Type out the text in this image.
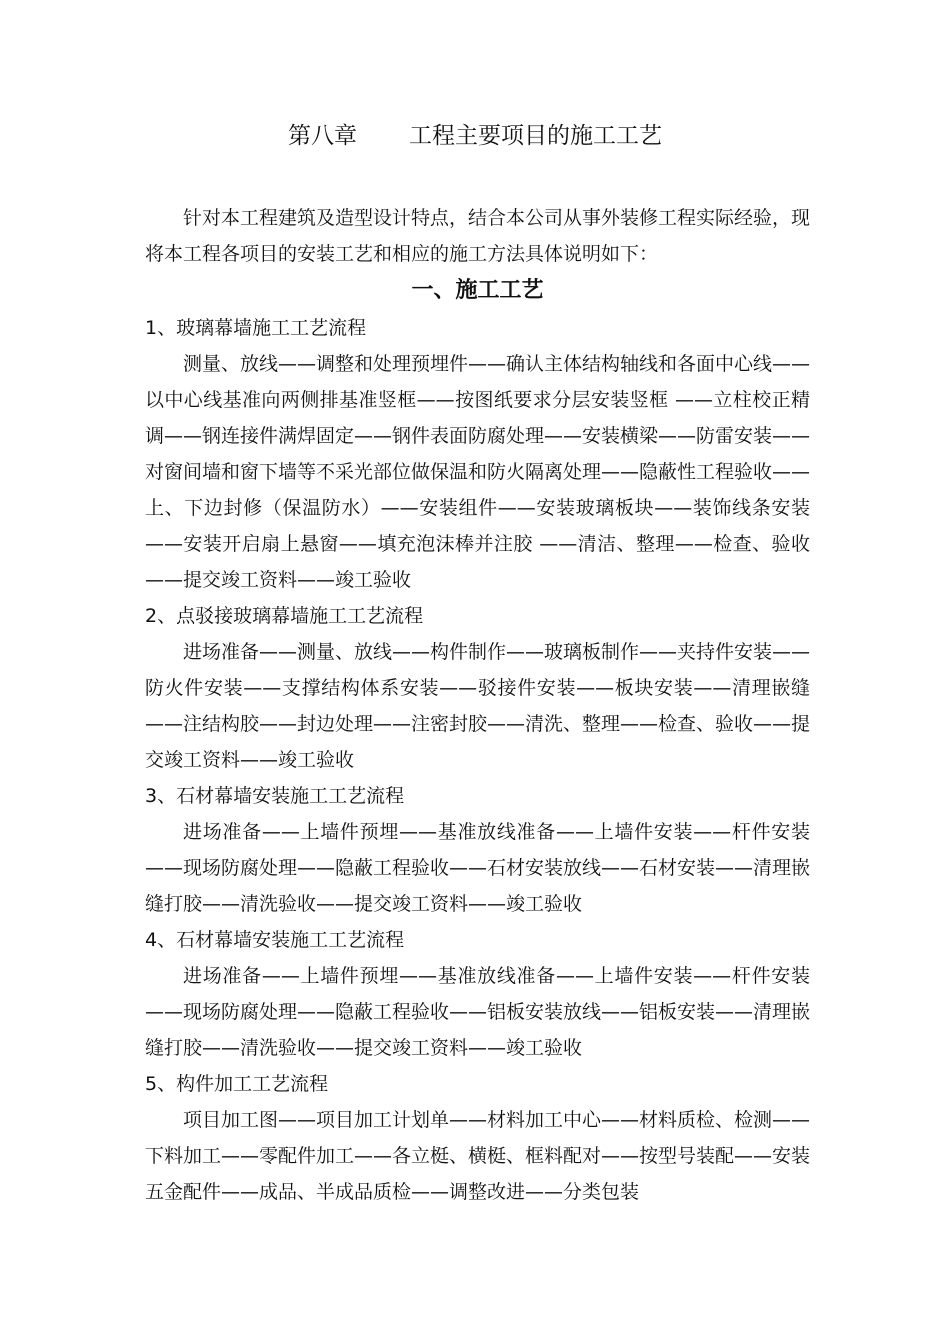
第八章 工程主要项目的施工工艺

针对本工程建筑及造型设计特点，结合本公司从事外装修工程实际经验，现将本工程各项目的安装工艺和相应的施工方法具体说明如下：

一、施工工艺

1、玻璃幕墙施工工艺流程

测量、放线——调整和处理预埋件——确认主体结构轴线和各面中心线——以中心线基准向两侧排基准竖框——按图纸要求分层安装竖框 ——立柱校正精调——钢连接件满焊固定——钢件表面防腐处理——安装横梁——防雷安装——对窗间墙和窗下墙等不采光部位做保温和防火隔离处理——隐蔽性工程验收——上、下边封修（保温防水）——安装组件——安装玻璃板块——装饰线条安装——安装开启扇上悬窗——填充泡沫棒并注胶 ——清洁、整理——检查、验收——提交竣工资料——竣工验收

2、点驳接玻璃幕墙施工工艺流程

进场准备——测量、放线——构件制作——玻璃板制作——夹持件安装——防火件安装——支撑结构体系安装——驳接件安装——板块安装——清理嵌缝——注结构胶——封边处理——注密封胶——清洗、整理——检查、验收——提交竣工资料——竣工验收

3、石材幕墙安装施工工艺流程

进场准备——上墙件预埋——基准放线准备——上墙件安装——杆件安装——现场防腐处理——隐蔽工程验收——石材安装放线——石材安装——清理嵌缝打胶——清洗验收——提交竣工资料——竣工验收

4、石材幕墙安装施工工艺流程

进场准备——上墙件预埋——基准放线准备——上墙件安装——杆件安装——现场防腐处理——隐蔽工程验收——铝板安装放线——铝板安装——清理嵌缝打胶——清洗验收——提交竣工资料——竣工验收

5、构件加工工艺流程

项目加工图——项目加工计划单——材料加工中心——材料质检、检测——下料加工——零配件加工——各立梃、横梃、框料配对——按型号装配——安装五金配件——成品、半成品质检——调整改进——分类包装
